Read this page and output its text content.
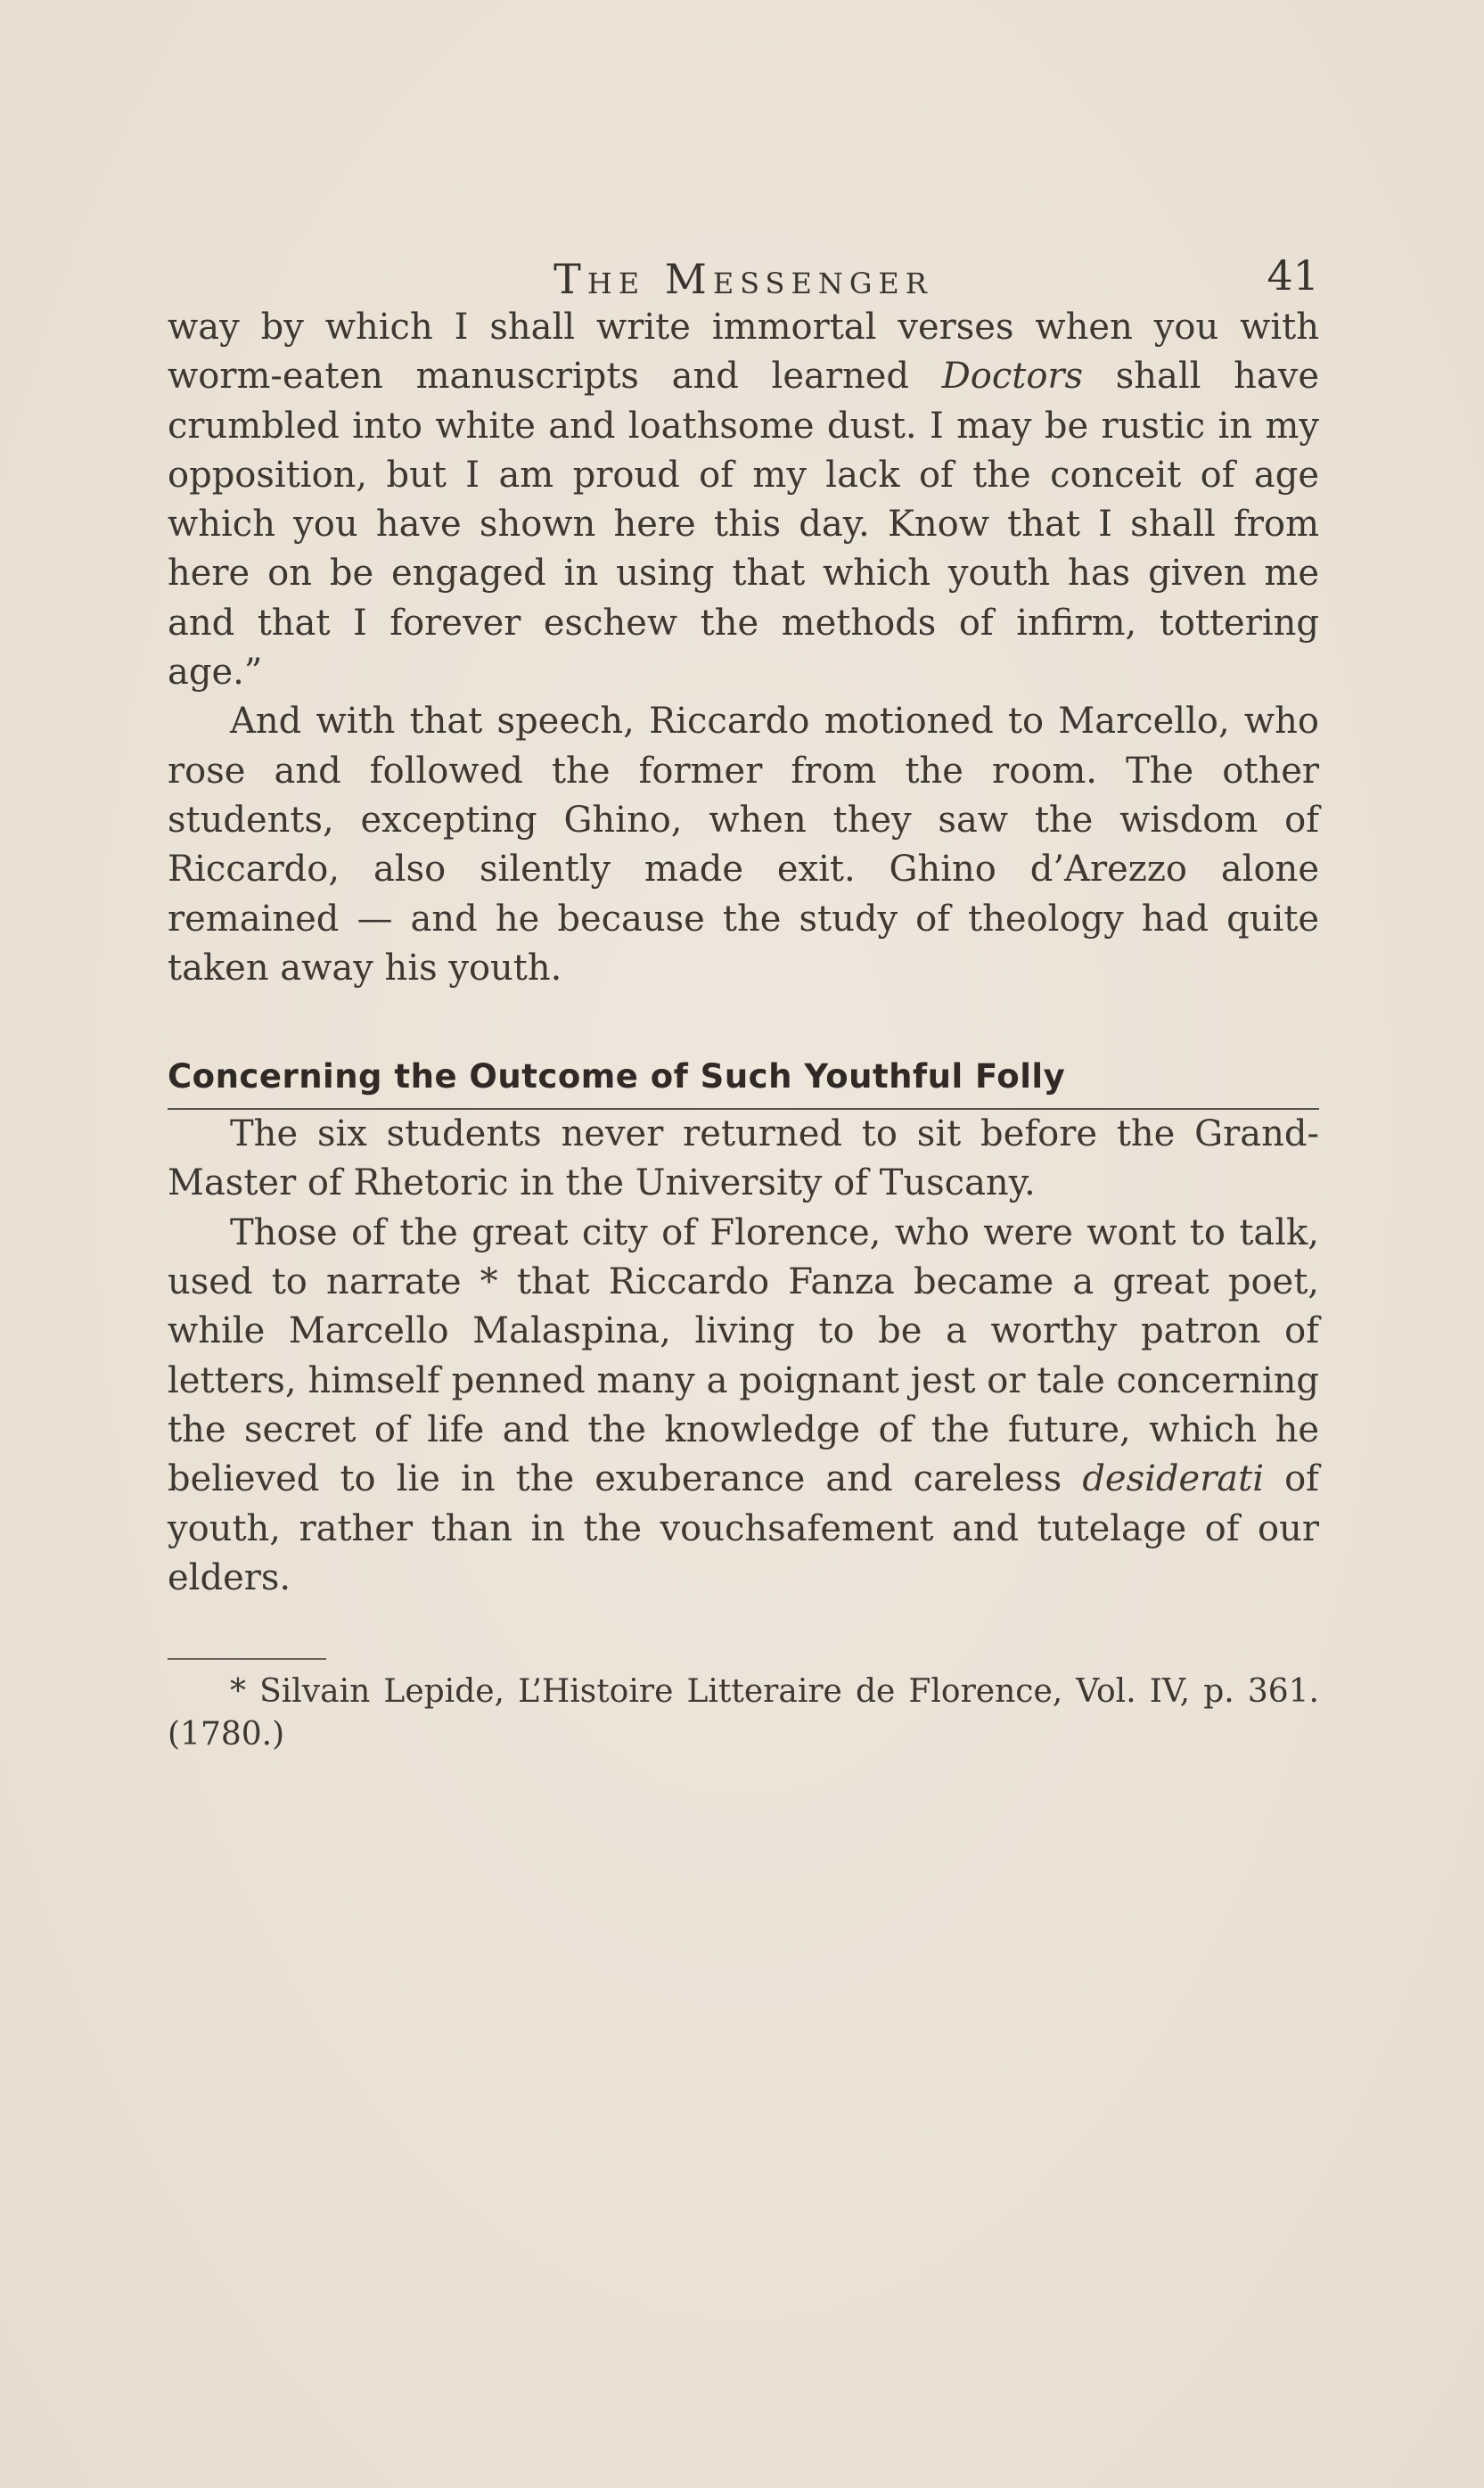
The Messenger	41

way by which I shall write immortal verses when you with worm-eaten manuscripts and learned Doctors shall have crumbled into white and loathsome dust. I may be rustic in my opposition, but I am proud of my lack of the conceit of age which you have shown here this day. Know that I shall from here on be engaged in using that which youth has given me and that I forever eschew the methods of infirm, tottering age.”

And with that speech, Riccardo motioned to Marcello, who rose and followed the former from the room. The other students, excepting Ghino, when they saw the wisdom of Riccardo, also silently made exit. Ghino d’Arezzo alone remained — and he because the study of theology had quite taken away his youth.

Concerning the Outcome of Such Youthful Folly

The six students never returned to sit before the Grand-Master of Rhetoric in the University of Tuscany.

Those of the great city of Florence, who were wont to talk, used to narrate * that Riccardo Fanza became a great poet, while Marcello Malaspina, living to be a worthy patron of letters, himself penned many a poignant jest or tale concerning the secret of life and the knowledge of the future, which he believed to lie in the exuberance and careless desiderati of youth, rather than in the vouchsafement and tutelage of our elders.

* Silvain Lepide, L’Histoire Litteraire de Florence, Vol. IV, p. 361. (1780.)
